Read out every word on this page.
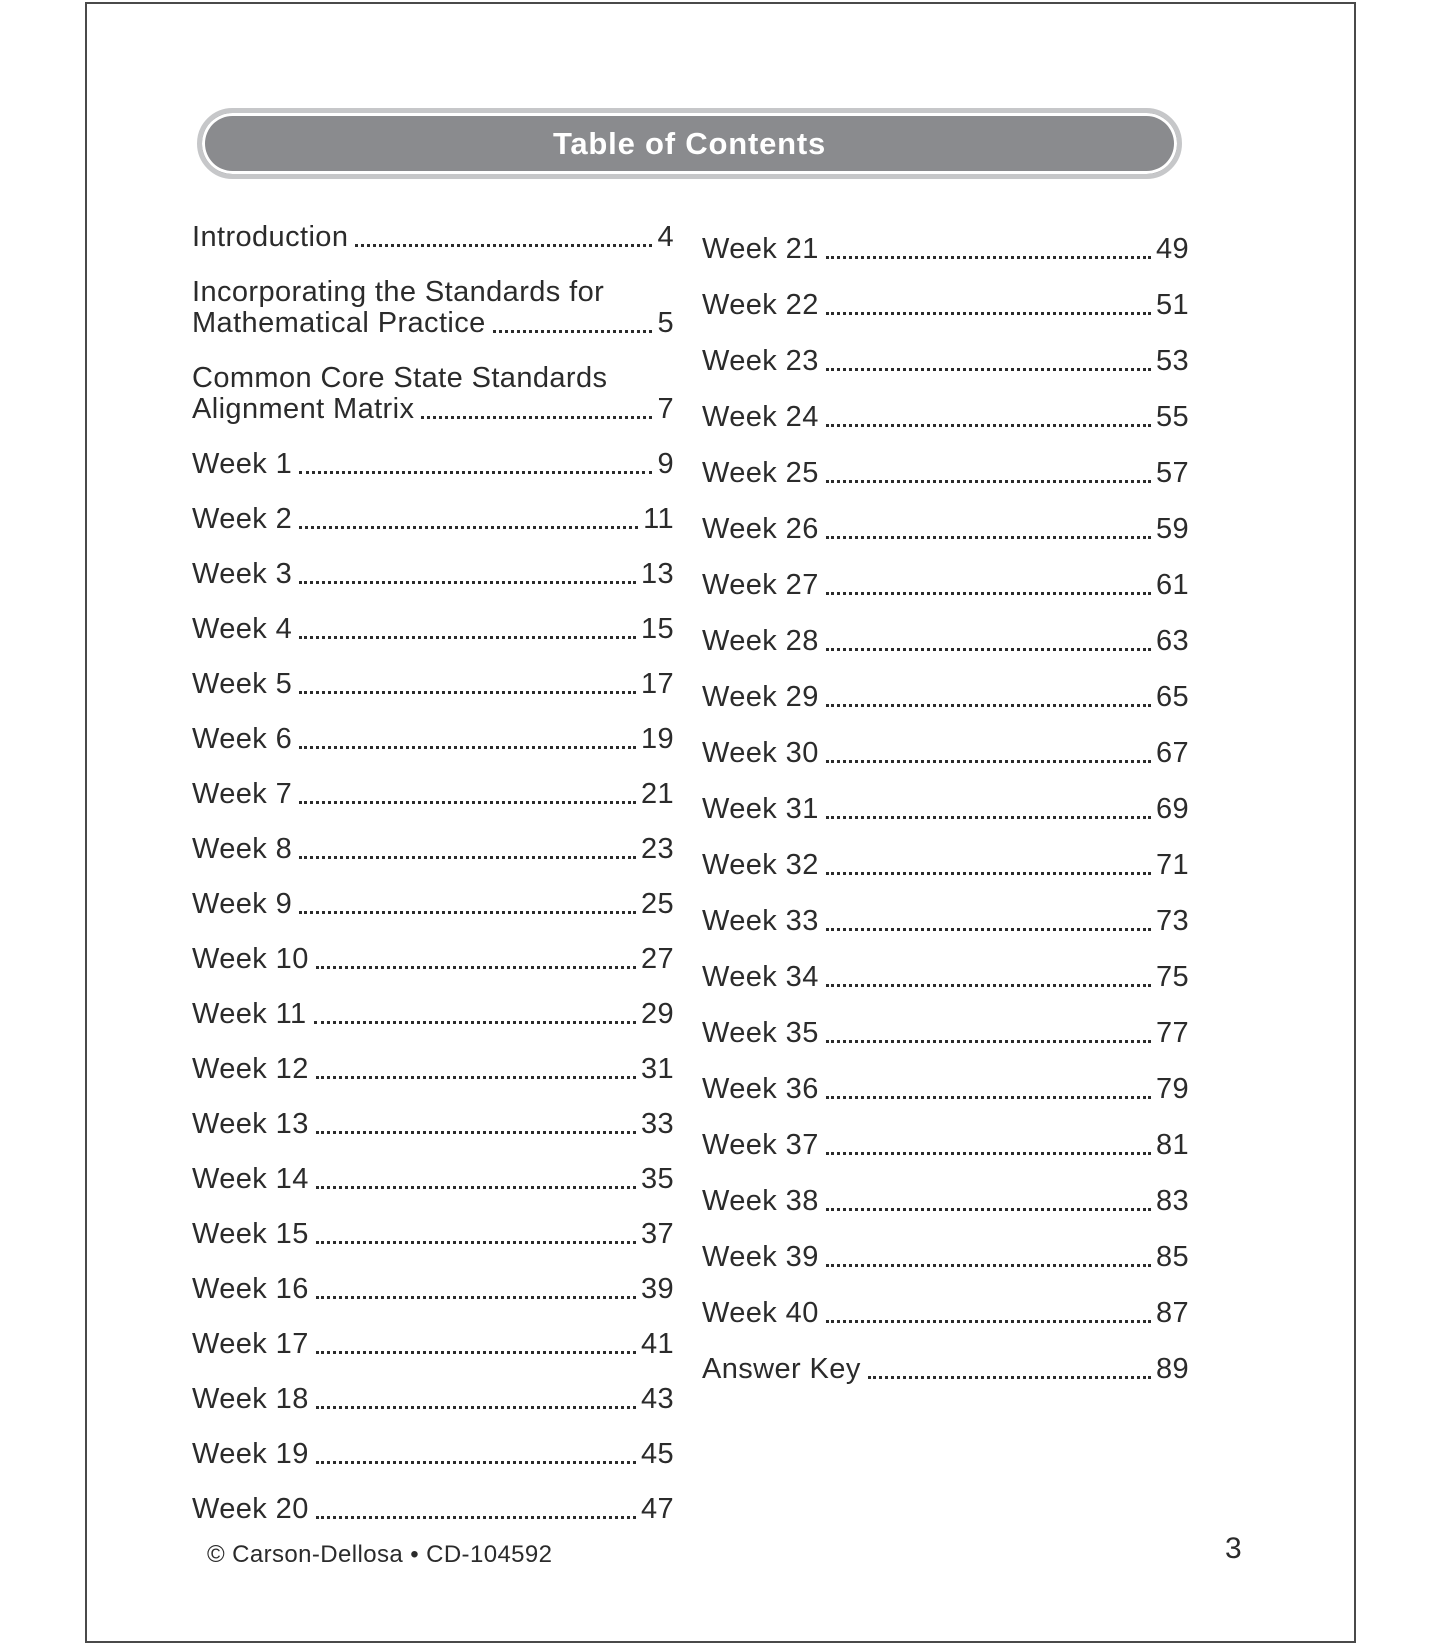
Table of Contents
Introduction	4
Incorporating the Standards for
Mathematical Practice	5
Common Core State Standards
Alignment Matrix	7
Week 1	9
Week 2	11
Week 3	13
Week 4	15
Week 5	17
Week 6	19
Week 7	21
Week 8	23
Week 9	25
Week 10	27
Week 11	29
Week 12	31
Week 13	33
Week 14	35
Week 15	37
Week 16	39
Week 17	41
Week 18	43
Week 19	45
Week 20	47
Week 21	49
Week 22	51
Week 23	53
Week 24	55
Week 25	57
Week 26	59
Week 27	61
Week 28	63
Week 29	65
Week 30	67
Week 31	69
Week 32	71
Week 33	73
Week 34	75
Week 35	77
Week 36	79
Week 37	81
Week 38	83
Week 39	85
Week 40	87
Answer Key	89
© Carson-Dellosa • CD-104592	3
